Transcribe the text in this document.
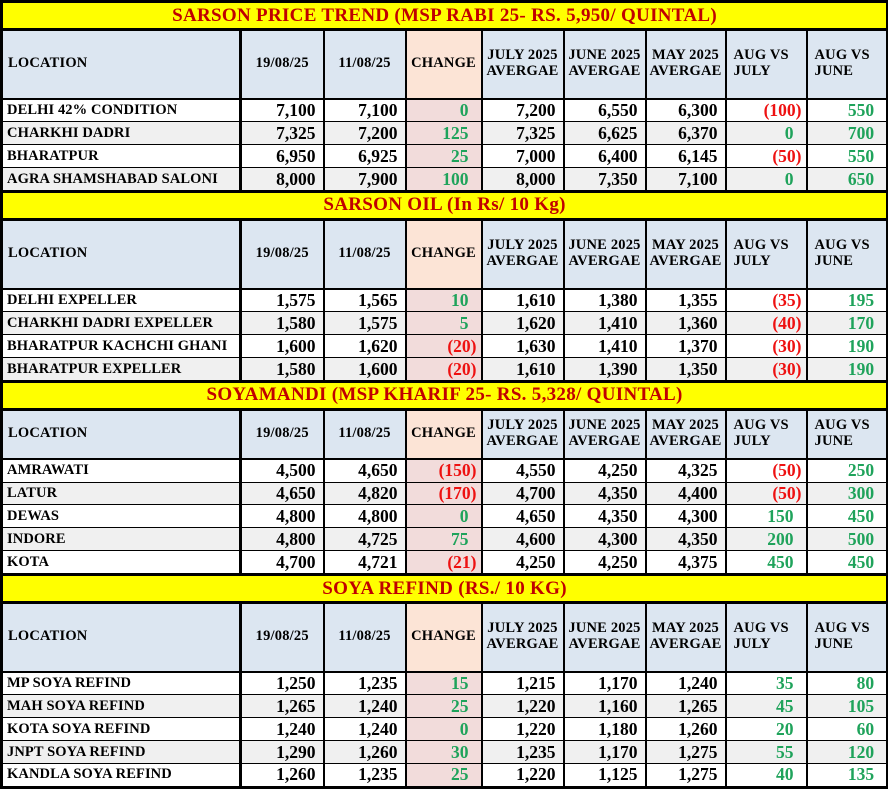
SARSON PRICE TREND (MSP RABI 25- RS. 5,950/ QUINTAL)								
LOCATION	19/08/25	11/08/25	CHANGE	JULY 2025 AVERGAE	JUNE 2025 AVERGAE	MAY 2025 AVERGAE	AUG VS JULY	AUG VS JUNE
DELHI 42% CONDITION	7,100	7,100	0	7,200	6,550	6,300	(100)	550
CHARKHI DADRI	7,325	7,200	125	7,325	6,625	6,370	0	700
BHARATPUR	6,950	6,925	25	7,000	6,400	6,145	(50)	550
AGRA SHAMSHABAD SALONI	8,000	7,900	100	8,000	7,350	7,100	0	650
SARSON OIL (In Rs/ 10 Kg)								
LOCATION	19/08/25	11/08/25	CHANGE	JULY 2025 AVERGAE	JUNE 2025 AVERGAE	MAY 2025 AVERGAE	AUG VS JULY	AUG VS JUNE
DELHI EXPELLER	1,575	1,565	10	1,610	1,380	1,355	(35)	195
CHARKHI DADRI EXPELLER	1,580	1,575	5	1,620	1,410	1,360	(40)	170
BHARATPUR KACHCHI GHANI	1,600	1,620	(20)	1,630	1,410	1,370	(30)	190
BHARATPUR EXPELLER	1,580	1,600	(20)	1,610	1,390	1,350	(30)	190
SOYAMANDI (MSP KHARIF 25- RS. 5,328/ QUINTAL)								
LOCATION	19/08/25	11/08/25	CHANGE	JULY 2025 AVERGAE	JUNE 2025 AVERGAE	MAY 2025 AVERGAE	AUG VS JULY	AUG VS JUNE
AMRAWATI	4,500	4,650	(150)	4,550	4,250	4,325	(50)	250
LATUR	4,650	4,820	(170)	4,700	4,350	4,400	(50)	300
DEWAS	4,800	4,800	0	4,650	4,350	4,300	150	450
INDORE	4,800	4,725	75	4,600	4,300	4,350	200	500
KOTA	4,700	4,721	(21)	4,250	4,250	4,375	450	450
SOYA REFIND (RS./ 10 KG)								
LOCATION	19/08/25	11/08/25	CHANGE	JULY 2025 AVERGAE	JUNE 2025 AVERGAE	MAY 2025 AVERGAE	AUG VS JULY	AUG VS JUNE
MP SOYA REFIND	1,250	1,235	15	1,215	1,170	1,240	35	80
MAH SOYA REFIND	1,265	1,240	25	1,220	1,160	1,265	45	105
KOTA SOYA REFIND	1,240	1,240	0	1,220	1,180	1,260	20	60
JNPT SOYA REFIND	1,290	1,260	30	1,235	1,170	1,275	55	120
KANDLA SOYA REFIND	1,260	1,235	25	1,220	1,125	1,275	40	135
